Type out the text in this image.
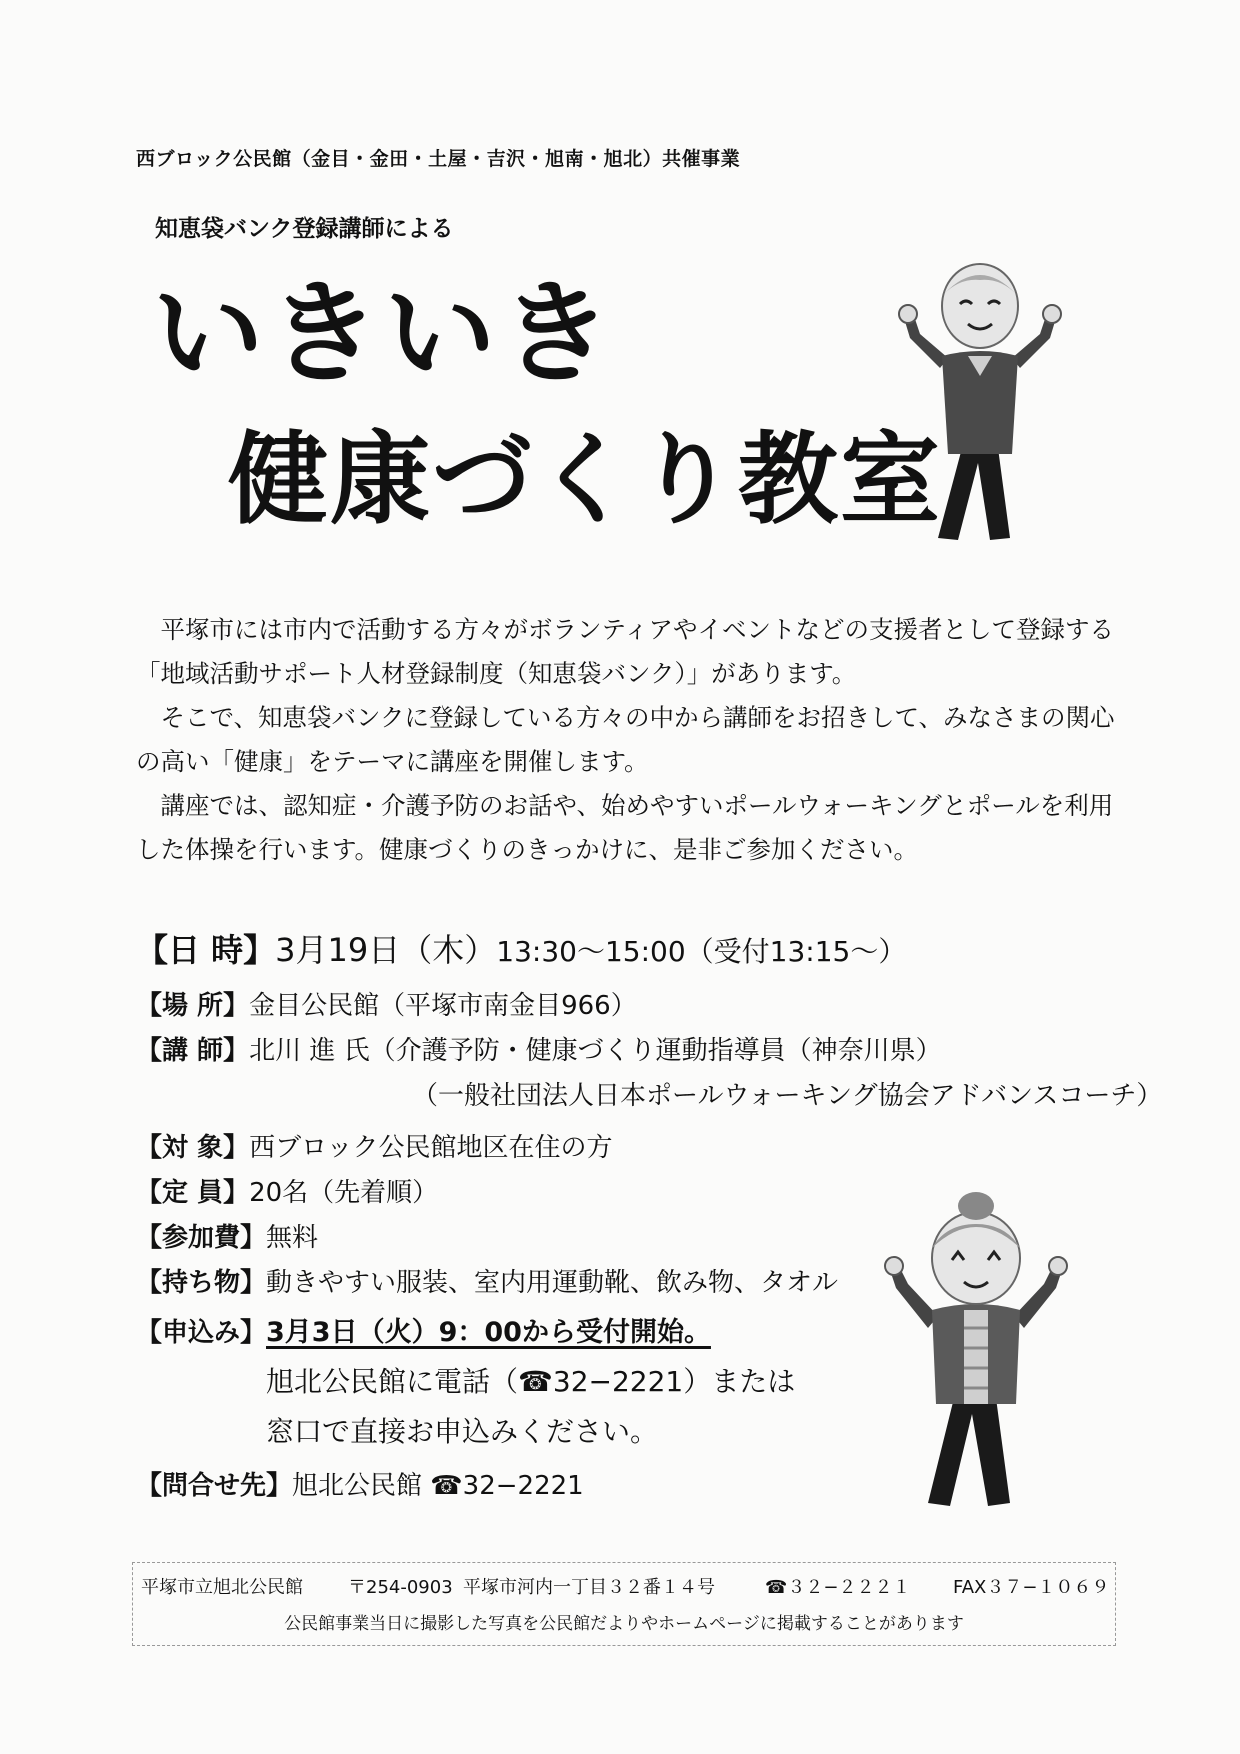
西ブロック公民館（金目・金田・土屋・吉沢・旭南・旭北）共催事業
知恵袋バンク登録講師による
いきいき
健康づくり教室

　平塚市には市内で活動する方々がボランティアやイベントなどの支援者として登録する「地域活動サポート人材登録制度（知恵袋バンク）」があります。

　そこで、知恵袋バンクに登録している方々の中から講師をお招きして、みなさまの関心の高い「健康」をテーマに講座を開催します。

　講座では、認知症・介護予防のお話や、始めやすいポールウォーキングとポールを利用した体操を行います。健康づくりのきっかけに、是非ご参加ください。

【日 時】3月19日（木）13:30～15:00（受付13:15～）
【場 所】金目公民館（平塚市南金目966）
【講 師】北川 進 氏（介護予防・健康づくり運動指導員（神奈川県）
（一般社団法人日本ポールウォーキング協会アドバンスコーチ）
【対 象】西ブロック公民館地区在住の方
【定 員】20名（先着順）
【参加費】無料
【持ち物】動きやすい服装、室内用運動靴、飲み物、タオル
【申込み】3月3日（火）9：00から受付開始。
旭北公民館に電話（☎32−2221）または
窓口で直接お申込みください。
【問合せ先】旭北公民館 ☎32−2221
平塚市立旭北公民館	〒254-0903 平塚市河内一丁目３２番１４号	☎３２−２２２１ FAX３７−１０６９
公民館事業当日に撮影した写真を公民館だよりやホームページに掲載することがあります
